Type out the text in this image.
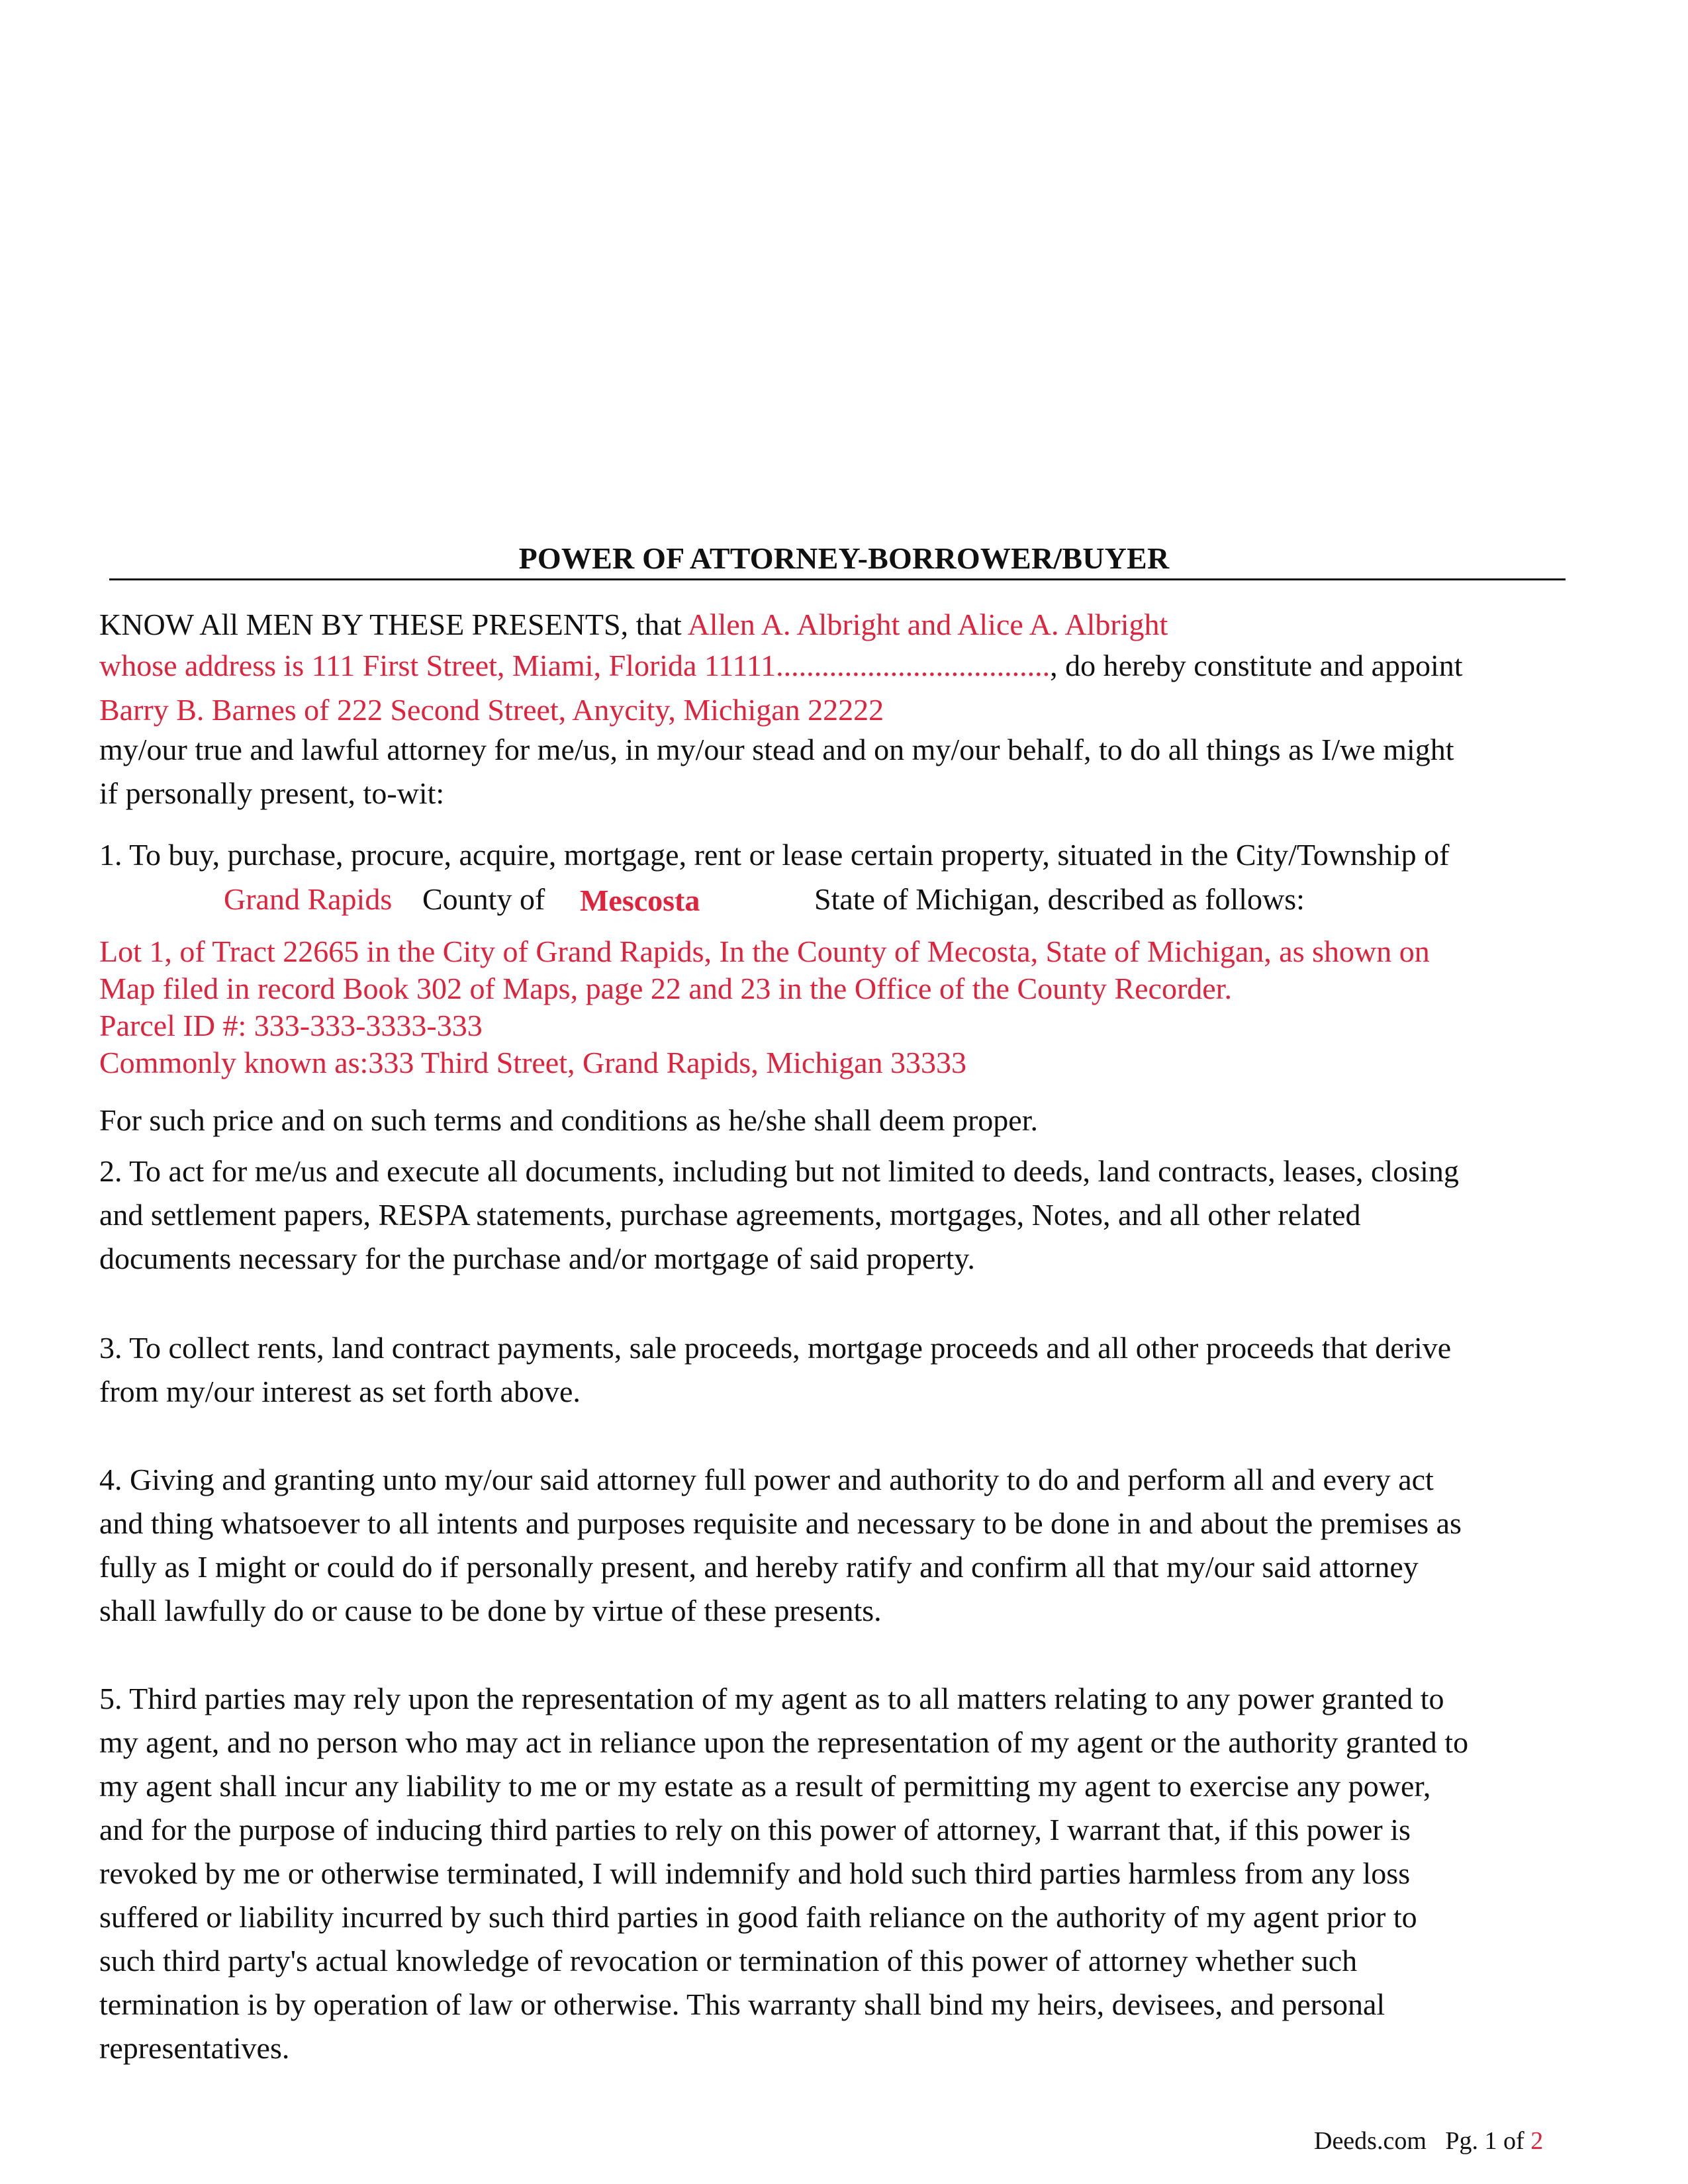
POWER OF ATTORNEY-BORROWER/BUYER
KNOW All MEN BY THESE PRESENTS, that Allen A. Albright and Alice A. Albright
whose address is 111 First Street, Miami, Florida 11111...................................., do hereby constitute and appoint
Barry B. Barnes of 222 Second Street, Anycity, Michigan 22222
my/our true and lawful attorney for me/us, in my/our stead and on my/our behalf, to do all things as I/we might
if personally present, to-wit:
1. To buy, purchase, procure, acquire, mortgage, rent or lease certain property, situated in the City/Township of
Grand Rapids County of Mescosta	State of Michigan, described as follows:
Lot 1, of Tract 22665 in the City of Grand Rapids, In the County of Mecosta, State of Michigan, as shown on
Map filed in record Book 302 of Maps, page 22 and 23 in the Office of the County Recorder.
Parcel ID #: 333-333-3333-333
Commonly known as:333 Third Street, Grand Rapids, Michigan 33333
For such price and on such terms and conditions as he/she shall deem proper.
2. To act for me/us and execute all documents, including but not limited to deeds, land contracts, leases, closing
and settlement papers, RESPA statements, purchase agreements, mortgages, Notes, and all other related
documents necessary for the purchase and/or mortgage of said property.
3. To collect rents, land contract payments, sale proceeds, mortgage proceeds and all other proceeds that derive
from my/our interest as set forth above.
4. Giving and granting unto my/our said attorney full power and authority to do and perform all and every act
and thing whatsoever to all intents and purposes requisite and necessary to be done in and about the premises as
fully as I might or could do if personally present, and hereby ratify and confirm all that my/our said attorney
shall lawfully do or cause to be done by virtue of these presents.
5. Third parties may rely upon the representation of my agent as to all matters relating to any power granted to
my agent, and no person who may act in reliance upon the representation of my agent or the authority granted to
my agent shall incur any liability to me or my estate as a result of permitting my agent to exercise any power,
and for the purpose of inducing third parties to rely on this power of attorney, I warrant that, if this power is
revoked by me or otherwise terminated, I will indemnify and hold such third parties harmless from any loss
suffered or liability incurred by such third parties in good faith reliance on the authority of my agent prior to
such third party's actual knowledge of revocation or termination of this power of attorney whether such
termination is by operation of law or otherwise. This warranty shall bind my heirs, devisees, and personal
representatives.
Deeds.com Pg. 1 of 2
